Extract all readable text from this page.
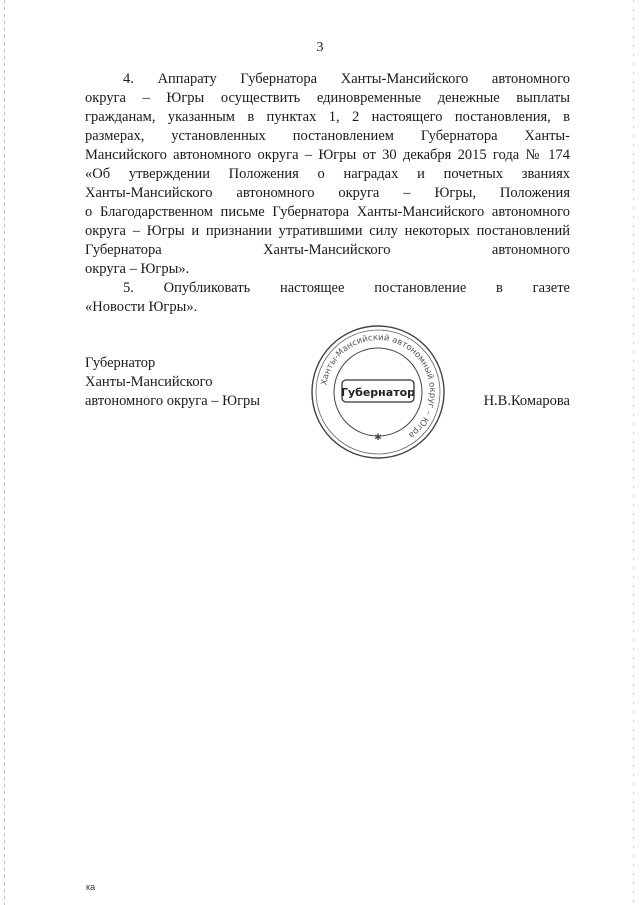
3
4. Аппарату Губернатора Ханты-Мансийского автономного
округа – Югры осуществить единовременные денежные выплаты
гражданам, указанным в пунктах 1, 2 настоящего постановления, в
размерах, установленных постановлением Губернатора Ханты-
Мансийского автономного округа – Югры от 30 декабря 2015 года № 174
«Об утверждении Положения о наградах и почетных званиях
Ханты-Мансийского автономного округа – Югры, Положения
о Благодарственном письме Губернатора Ханты-Мансийского автономного
округа – Югры и признании утратившими силу некоторых постановлений
Губернатора Ханты-Мансийского автономного
округа – Югры».
5. Опубликовать настоящее постановление в газете
«Новости Югры».
Губернатор
Ханты-Мансийского
автономного округа – Югры	Н.В.Комарова
Ханты-Мансийский автономный округ – Югра
Губернатор
✱
ка
